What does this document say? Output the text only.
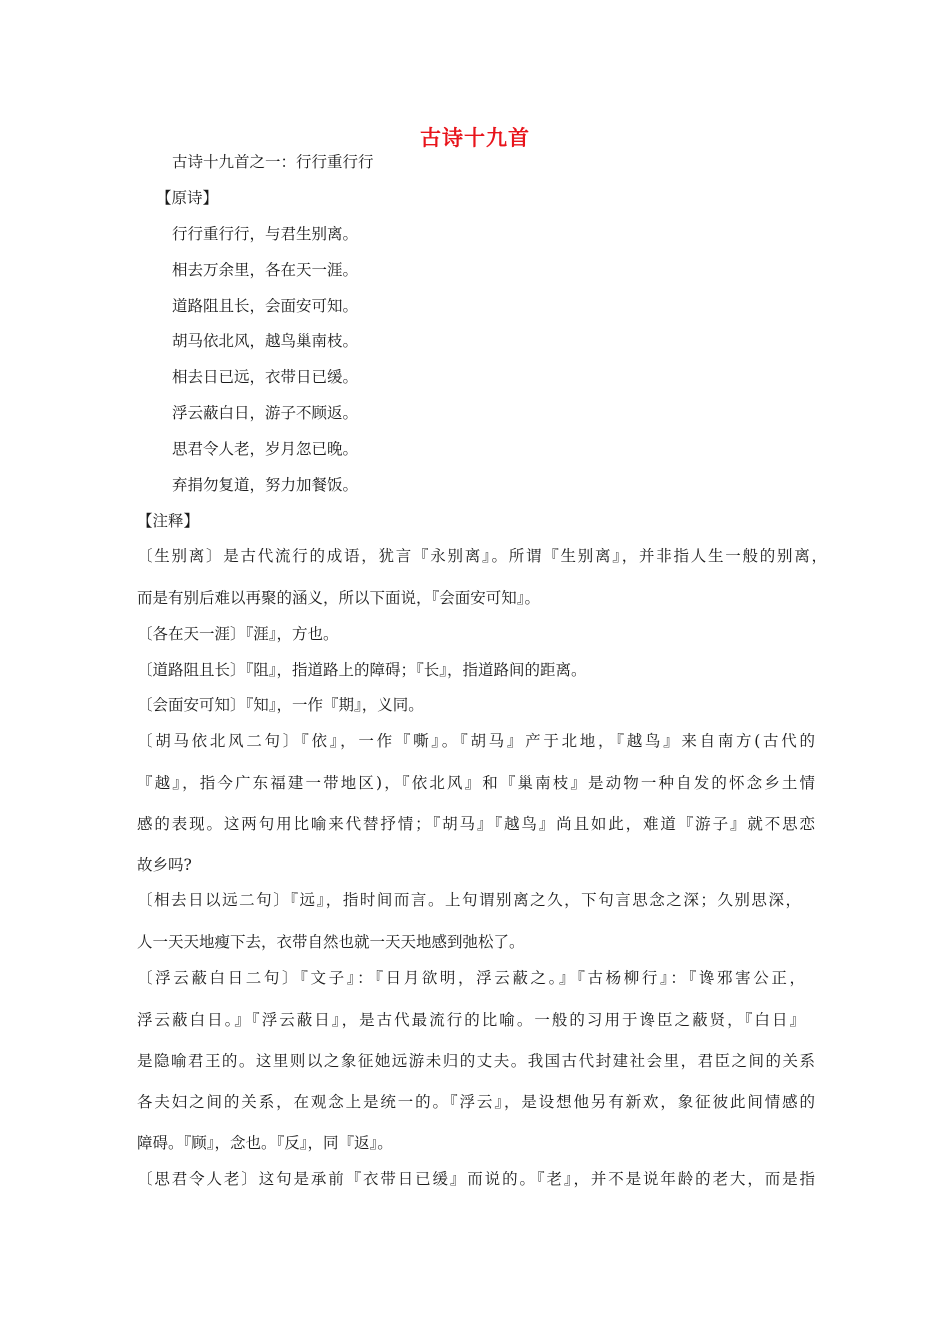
古诗十九首
古诗十九首之一：行行重行行
【原诗】
行行重行行，与君生别离。
相去万余里，各在天一涯。
道路阻且长，会面安可知。
胡马依北风，越鸟巢南枝。
相去日已远，衣带日已缓。
浮云蔽白日，游子不顾返。
思君令人老，岁月忽已晚。
弃捐勿复道，努力加餐饭。
【注释】
〔生别离〕是古代流行的成语，犹言『永别离』。所谓『生别离』，并非指人生一般的别离，
而是有别后难以再聚的涵义，所以下面说，『会面安可知』。
〔各在天一涯〕『涯』，方也。
〔道路阻且长〕『阻』，指道路上的障碍；『长』，指道路间的距离。
〔会面安可知〕『知』，一作『期』，义同。
〔胡马依北风二句〕『依』，一作『嘶』。『胡马』产于北地，『越鸟』来自南方(古代的
『越』，指今广东福建一带地区)，『依北风』和『巢南枝』是动物一种自发的怀念乡土情
感的表现。这两句用比喻来代替抒情；『胡马』『越鸟』尚且如此，难道『游子』就不思恋
故乡吗?
〔相去日以远二句〕『远』，指时间而言。上句谓别离之久，下句言思念之深；久别思深，
人一天天地瘦下去，衣带自然也就一天天地感到弛松了。
〔浮云蔽白日二句〕『文子』：『日月欲明，浮云蔽之。』『古杨柳行』：『谗邪害公正，
浮云蔽白日。』『浮云蔽日』，是古代最流行的比喻。一般的习用于谗臣之蔽贤，『白日』
是隐喻君王的。这里则以之象征她远游未归的丈夫。我国古代封建社会里，君臣之间的关系
各夫妇之间的关系，在观念上是统一的。『浮云』，是设想他另有新欢，象征彼此间情感的
障碍。『顾』，念也。『反』，同『返』。
〔思君令人老〕这句是承前『衣带日已缓』而说的。『老』，并不是说年龄的老大，而是指
